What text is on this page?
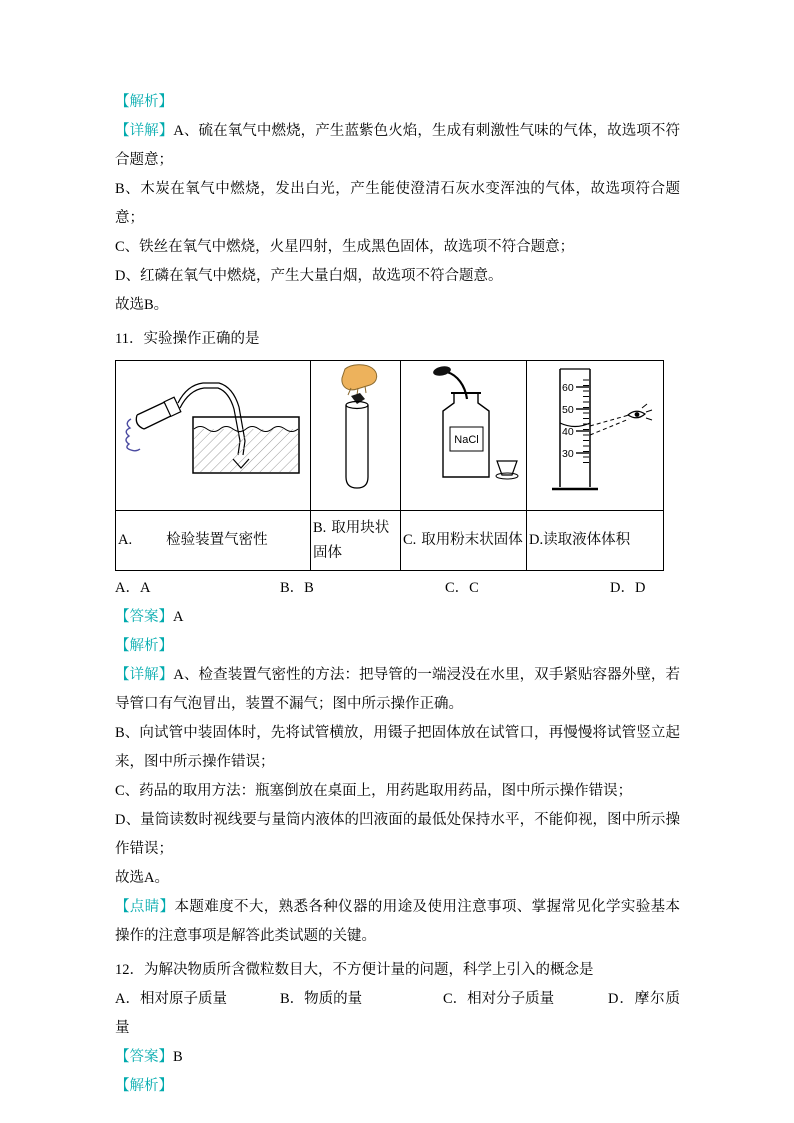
【解析】

【详解】A、硫在氧气中燃烧，产生蓝紫色火焰，生成有刺激性气味的气体，故选项不符合题意；

B、木炭在氧气中燃烧，发出白光，产生能使澄清石灰水变浑浊的气体，故选项符合题意；

C、铁丝在氧气中燃烧，火星四射，生成黑色固体，故选项不符合题意；

D、红磷在氧气中燃烧，产生大量白烟，故选项不符合题意。

故选B。

11．实验操作正确的是

NaCl	60
50
40
30

A. 检验装置气密性	B. 取用块状固体	C. 取用粉末状固体	D.读取液体体积

A．A	B．B	C．C	D．D

【答案】A

【解析】

【详解】A、检查装置气密性的方法：把导管的一端浸没在水里，双手紧贴容器外壁，若导管口有气泡冒出，装置不漏气；图中所示操作正确。

B、向试管中装固体时，先将试管横放，用镊子把固体放在试管口，再慢慢将试管竖立起来，图中所示操作错误；

C、药品的取用方法：瓶塞倒放在桌面上，用药匙取用药品，图中所示操作错误；

D、量筒读数时视线要与量筒内液体的凹液面的最低处保持水平，不能仰视，图中所示操作错误；

故选A。

【点睛】本题难度不大，熟悉各种仪器的用途及使用注意事项、掌握常见化学实验基本操作的注意事项是解答此类试题的关键。

12．为解决物质所含微粒数目大，不方便计量的问题，科学上引入的概念是

A．相对原子质量	B．物质的量	C．相对分子质量	D．摩尔质量

【答案】B

【解析】
